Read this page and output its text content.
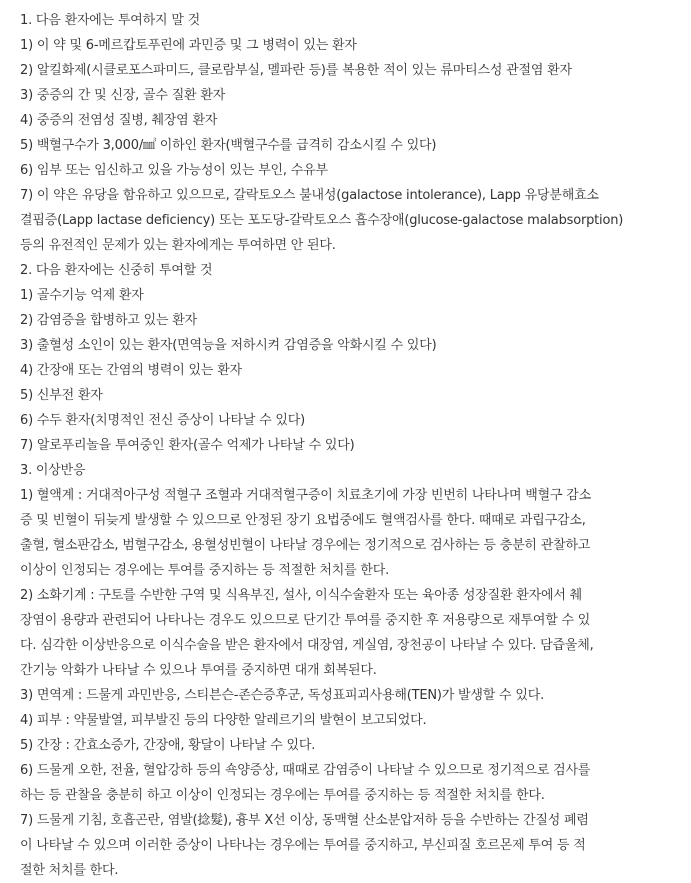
1. 다음 환자에는 투여하지 말 것
1) 이 약 및 6-메르캅토푸린에 과민증 및 그 병력이 있는 환자
2) 알킬화제(시클로포스파미드, 클로람부실, 멜파란 등)를 복용한 적이 있는 류마티스성 관절염 환자
3) 중증의 간 및 신장, 골수 질환 환자
4) 중증의 전염성 질병, 췌장염 환자
5) 백혈구수가 3,000/㎣ 이하인 환자(백혈구수를 급격히 감소시킬 수 있다)
6) 임부 또는 임신하고 있을 가능성이 있는 부인, 수유부
7) 이 약은 유당을 함유하고 있으므로, 갈락토오스 불내성(galactose intolerance), Lapp 유당분해효소
결핍증(Lapp lactase deficiency) 또는 포도당-갈락토오스 흡수장애(glucose-galactose malabsorption)
등의 유전적인 문제가 있는 환자에게는 투여하면 안 된다.
2. 다음 환자에는 신중히 투여할 것
1) 골수기능 억제 환자
2) 감염증을 합병하고 있는 환자
3) 출혈성 소인이 있는 환자(면역능을 저하시켜 감염증을 악화시킬 수 있다)
4) 간장애 또는 간염의 병력이 있는 환자
5) 신부전 환자
6) 수두 환자(치명적인 전신 증상이 나타날 수 있다)
7) 알로푸리놀을 투여중인 환자(골수 억제가 나타날 수 있다)
3. 이상반응
1) 혈액계 : 거대적아구성 적혈구 조혈과 거대적혈구증이 치료초기에 가장 빈번히 나타나며 백혈구 감소
증 및 빈혈이 뒤늦게 발생할 수 있으므로 안정된 장기 요법중에도 혈액검사를 한다. 때때로 과립구감소,
출혈, 혈소판감소, 범혈구감소, 용혈성빈혈이 나타날 경우에는 정기적으로 검사하는 등 충분히 관찰하고
이상이 인정되는 경우에는 투여를 중지하는 등 적절한 처치를 한다.
2) 소화기계 : 구토를 수반한 구역 및 식욕부진, 설사, 이식수술환자 또는 육아종 성장질환 환자에서 췌
장염이 용량과 관련되어 나타나는 경우도 있으므로 단기간 투여를 중지한 후 저용량으로 재투여할 수 있
다. 심각한 이상반응으로 이식수술을 받은 환자에서 대장염, 게실염, 장천공이 나타날 수 있다. 담즙울체,
간기능 악화가 나타날 수 있으나 투여를 중지하면 대개 회복된다.
3) 면역계 : 드물게 과민반응, 스티븐슨-존슨증후군, 독성표피괴사용해(TEN)가 발생할 수 있다.
4) 피부 : 약물발열, 피부발진 등의 다양한 알레르기의 발현이 보고되었다.
5) 간장 : 간효소증가, 간장애, 황달이 나타날 수 있다.
6) 드물게 오한, 전율, 혈압강하 등의 쇽양증상, 때때로 감염증이 나타날 수 있으므로 정기적으로 검사를
하는 등 관찰을 충분히 하고 이상이 인정되는 경우에는 투여를 중지하는 등 적절한 처치를 한다.
7) 드물게 기침, 호흡곤란, 염발(捻髮), 흉부 X선 이상, 동맥혈 산소분압저하 등을 수반하는 간질성 폐렴
이 나타날 수 있으며 이러한 증상이 나타나는 경우에는 투여를 중지하고, 부신피질 호르몬제 투여 등 적
절한 처치를 한다.
